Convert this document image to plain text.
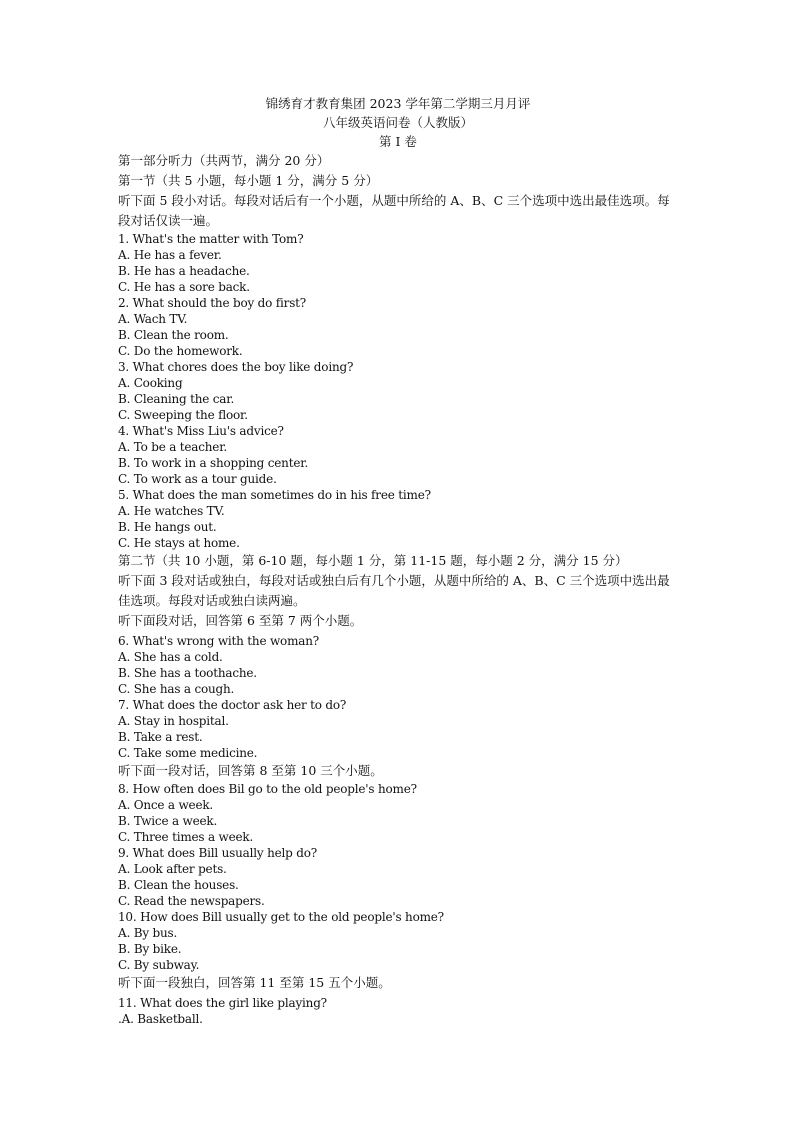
锦绣育才教育集团 2023 学年第二学期三月月评
八年级英语问卷（人教版）
第 I 卷
第一部分听力（共两节，满分 20 分）
第一节（共 5 小题，每小题 1 分，满分 5 分）
听下面 5 段小对话。每段对话后有一个小题，从题中所给的 A、B、C 三个选项中选出最佳选项。每段对话仅读一遍。
1. What's the matter with Tom?
A. He has a fever.
B. He has a headache.
C. He has a sore back.
2. What should the boy do first?
A. Wach TV.
B. Clean the room.
C. Do the homework.
3. What chores does the boy like doing?
A. Cooking
B. Cleaning the car.
C. Sweeping the floor.
4. What's Miss Liu's advice?
A. To be a teacher.
B. To work in a shopping center.
C. To work as a tour guide.
5. What does the man sometimes do in his free time?
A. He watches TV.
B. He hangs out.
C. He stays at home.
第二节（共 10 小题，第 6-10 题，每小题 1 分，第 11-15 题，每小题 2 分，满分 15 分）
听下面 3 段对话或独白，每段对话或独白后有几个小题，从题中所给的 A、B、C 三个选项中选出最佳选项。每段对话或独白读两遍。
听下面段对话，回答第 6 至第 7 两个小题。
6. What's wrong with the woman?
A. She has a cold.
B. She has a toothache.
C. She has a cough.
7. What does the doctor ask her to do?
A. Stay in hospital.
B. Take a rest.
C. Take some medicine.
听下面一段对话，回答第 8 至第 10 三个小题。
8. How often does Bil go to the old people's home?
A. Once a week.
B. Twice a week.
C. Three times a week.
9. What does Bill usually help do?
A. Look after pets.
B. Clean the houses.
C. Read the newspapers.
10. How does Bill usually get to the old people's home?
A. By bus.
B. By bike.
C. By subway.
听下面一段独白，回答第 11 至第 15 五个小题。
11. What does the girl like playing?
.A. Basketball.
